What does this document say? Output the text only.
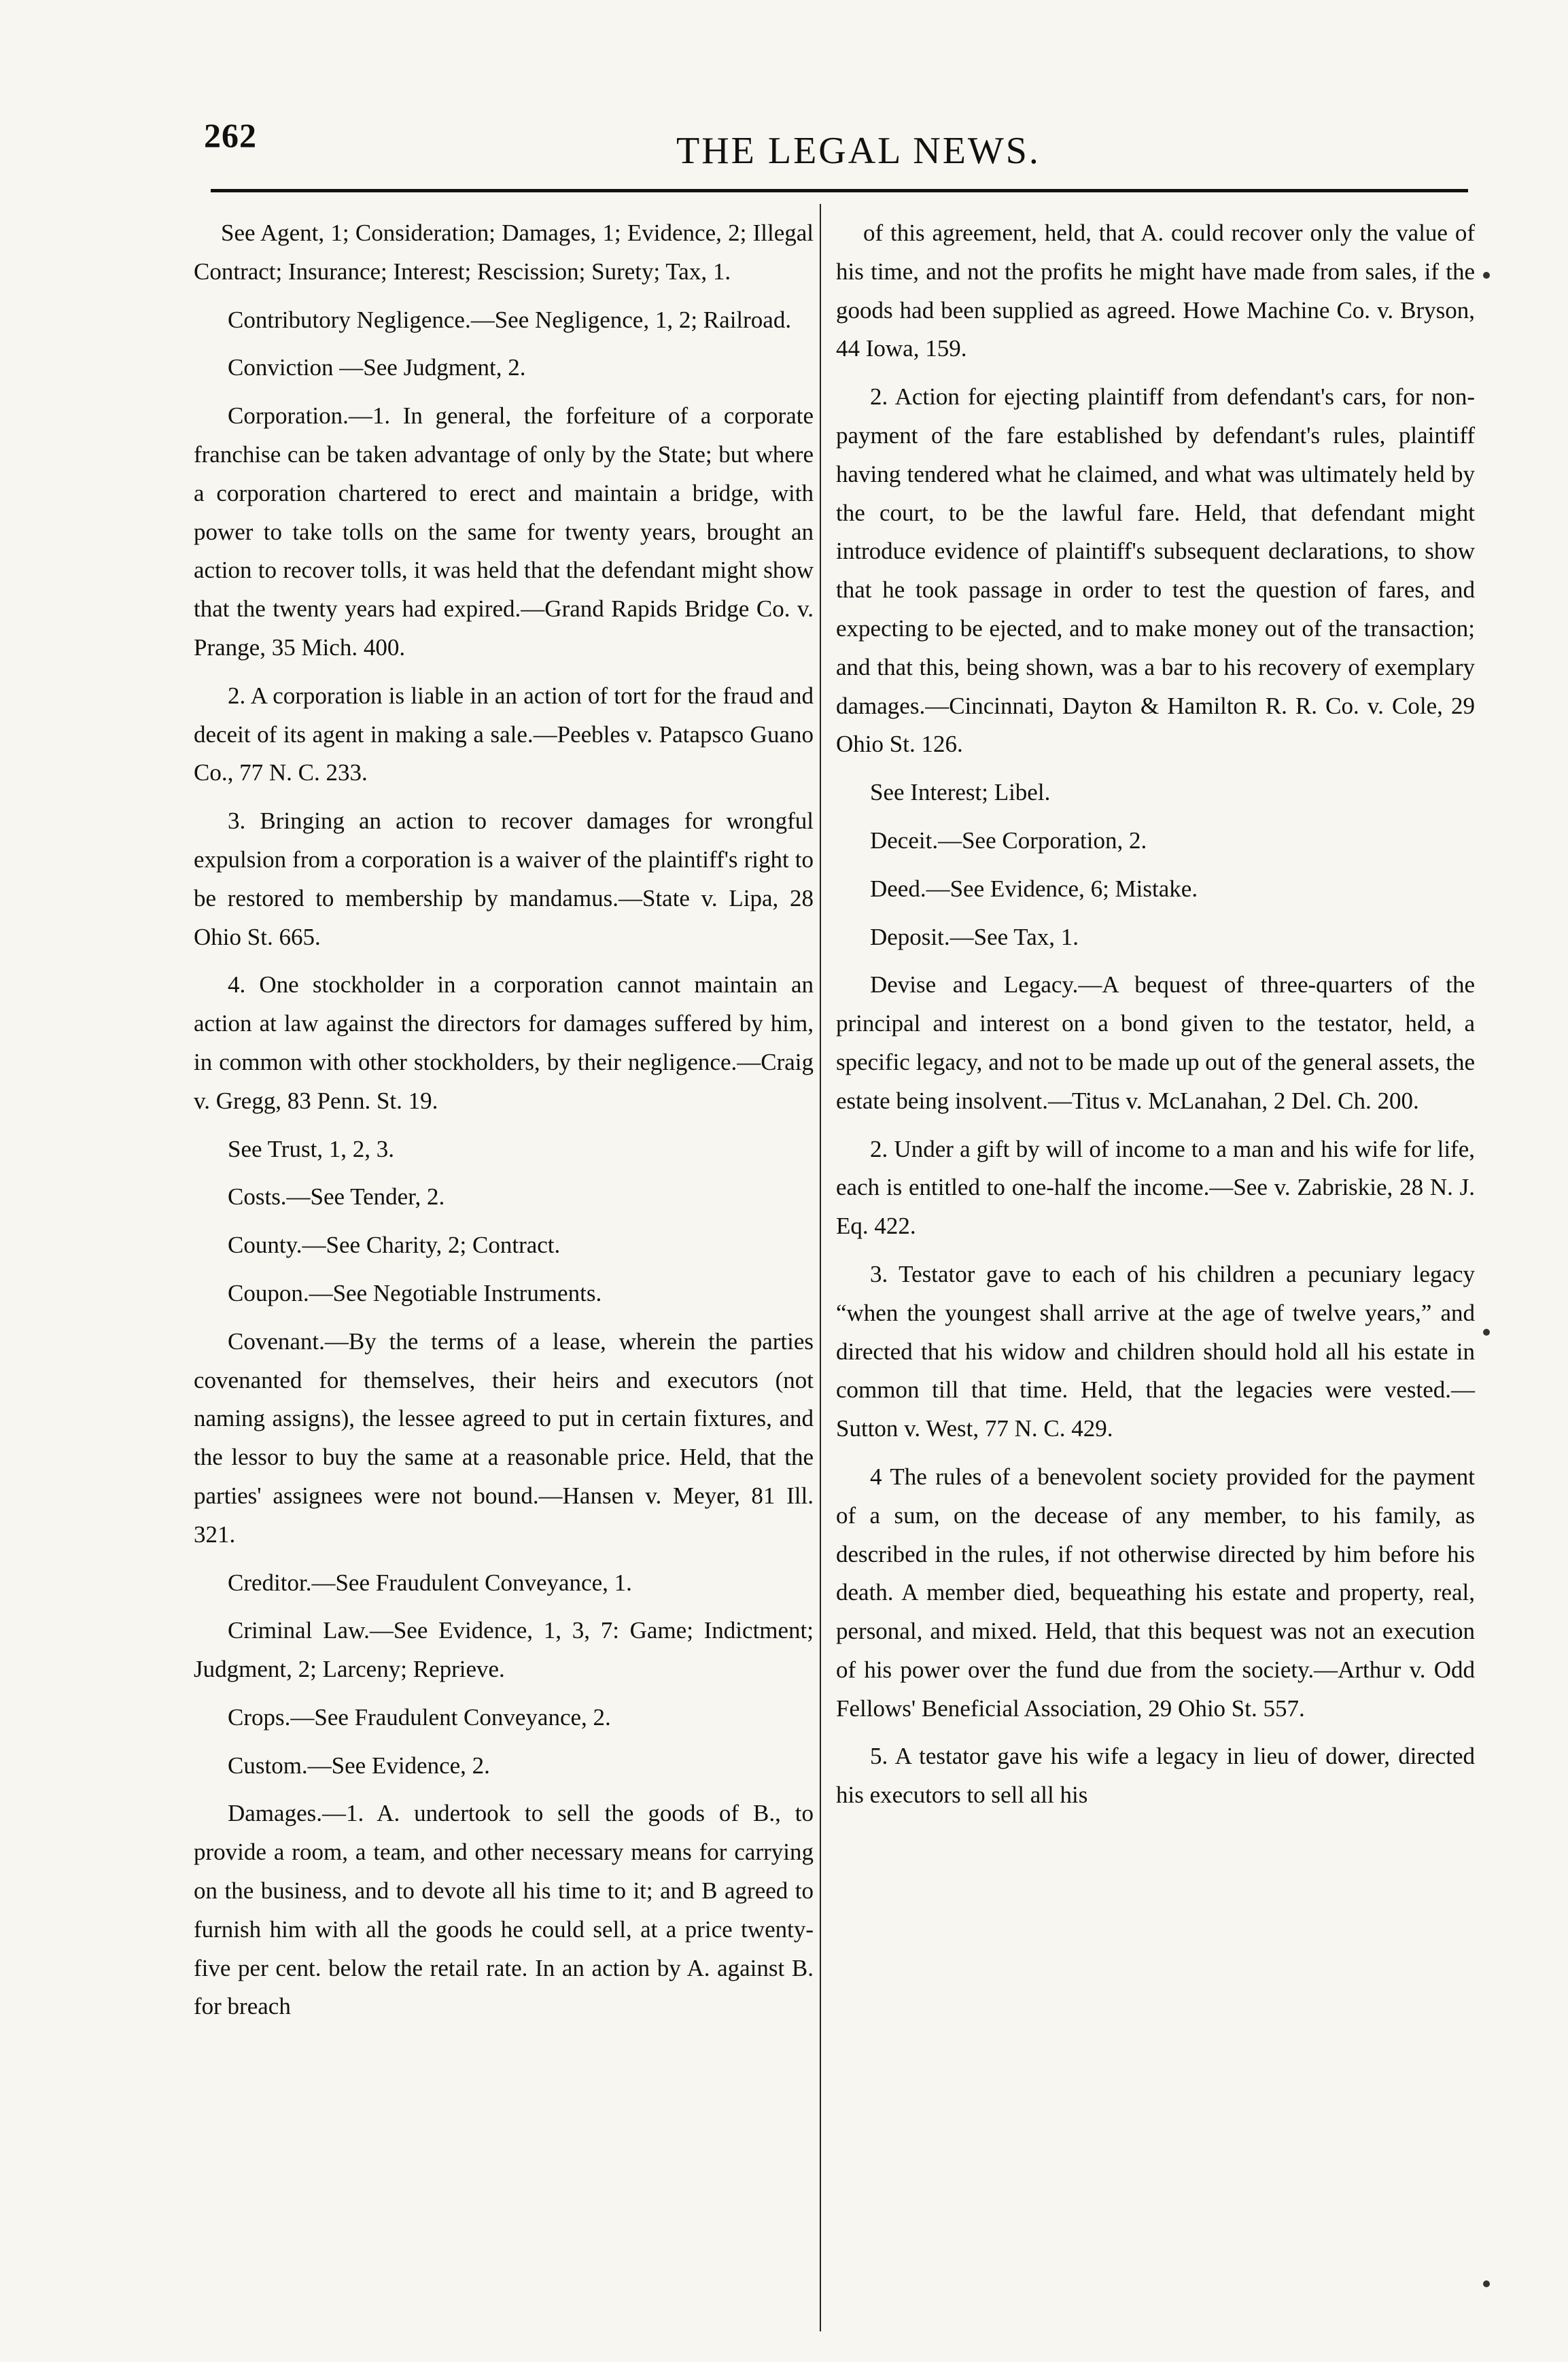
262	THE LEGAL NEWS.

See Agent, 1; Consideration; Damages, 1; Evidence, 2; Illegal Contract; Insurance; Interest; Rescission; Surety; Tax, 1.

Contributory Negligence.—See Negligence, 1, 2; Railroad.

Conviction —See Judgment, 2.

Corporation.—1. In general, the forfeiture of a corporate franchise can be taken advantage of only by the State; but where a corporation chartered to erect and maintain a bridge, with power to take tolls on the same for twenty years, brought an action to recover tolls, it was held that the defendant might show that the twenty years had expired.—Grand Rapids Bridge Co. v. Prange, 35 Mich. 400.

2. A corporation is liable in an action of tort for the fraud and deceit of its agent in making a sale.—Peebles v. Patapsco Guano Co., 77 N. C. 233.

3. Bringing an action to recover damages for wrongful expulsion from a corporation is a waiver of the plaintiff's right to be restored to membership by mandamus.—State v. Lipa, 28 Ohio St. 665.

4. One stockholder in a corporation cannot maintain an action at law against the directors for damages suffered by him, in common with other stockholders, by their negligence.—Craig v. Gregg, 83 Penn. St. 19.

See Trust, 1, 2, 3.

Costs.—See Tender, 2.

County.—See Charity, 2; Contract.

Coupon.—See Negotiable Instruments.

Covenant.—By the terms of a lease, wherein the parties covenanted for themselves, their heirs and executors (not naming assigns), the lessee agreed to put in certain fixtures, and the lessor to buy the same at a reasonable price. Held, that the parties' assignees were not bound.—Hansen v. Meyer, 81 Ill. 321.

Creditor.—See Fraudulent Conveyance, 1.

Criminal Law.—See Evidence, 1, 3, 7: Game; Indictment; Judgment, 2; Larceny; Reprieve.

Crops.—See Fraudulent Conveyance, 2.

Custom.—See Evidence, 2.

Damages.—1. A. undertook to sell the goods of B., to provide a room, a team, and other necessary means for carrying on the business, and to devote all his time to it; and B agreed to furnish him with all the goods he could sell, at a price twenty-five per cent. below the retail rate. In an action by A. against B. for breach

of this agreement, held, that A. could recover only the value of his time, and not the profits he might have made from sales, if the goods had been supplied as agreed. Howe Machine Co. v. Bryson, 44 Iowa, 159.

2. Action for ejecting plaintiff from defendant's cars, for non-payment of the fare established by defendant's rules, plaintiff having tendered what he claimed, and what was ultimately held by the court, to be the lawful fare. Held, that defendant might introduce evidence of plaintiff's subsequent declarations, to show that he took passage in order to test the question of fares, and expecting to be ejected, and to make money out of the transaction; and that this, being shown, was a bar to his recovery of exemplary damages.—Cincinnati, Dayton & Hamilton R. R. Co. v. Cole, 29 Ohio St. 126.

See Interest; Libel.

Deceit.—See Corporation, 2.

Deed.—See Evidence, 6; Mistake.

Deposit.—See Tax, 1.

Devise and Legacy.—A bequest of three-quarters of the principal and interest on a bond given to the testator, held, a specific legacy, and not to be made up out of the general assets, the estate being insolvent.—Titus v. McLanahan, 2 Del. Ch. 200.

2. Under a gift by will of income to a man and his wife for life, each is entitled to one-half the income.—See v. Zabriskie, 28 N. J. Eq. 422.

3. Testator gave to each of his children a pecuniary legacy “when the youngest shall arrive at the age of twelve years,” and directed that his widow and children should hold all his estate in common till that time. Held, that the legacies were vested.—Sutton v. West, 77 N. C. 429.

4 The rules of a benevolent society provided for the payment of a sum, on the decease of any member, to his family, as described in the rules, if not otherwise directed by him before his death. A member died, bequeathing his estate and property, real, personal, and mixed. Held, that this bequest was not an execution of his power over the fund due from the society.—Arthur v. Odd Fellows' Beneficial Association, 29 Ohio St. 557.

5. A testator gave his wife a legacy in lieu of dower, directed his executors to sell all his
